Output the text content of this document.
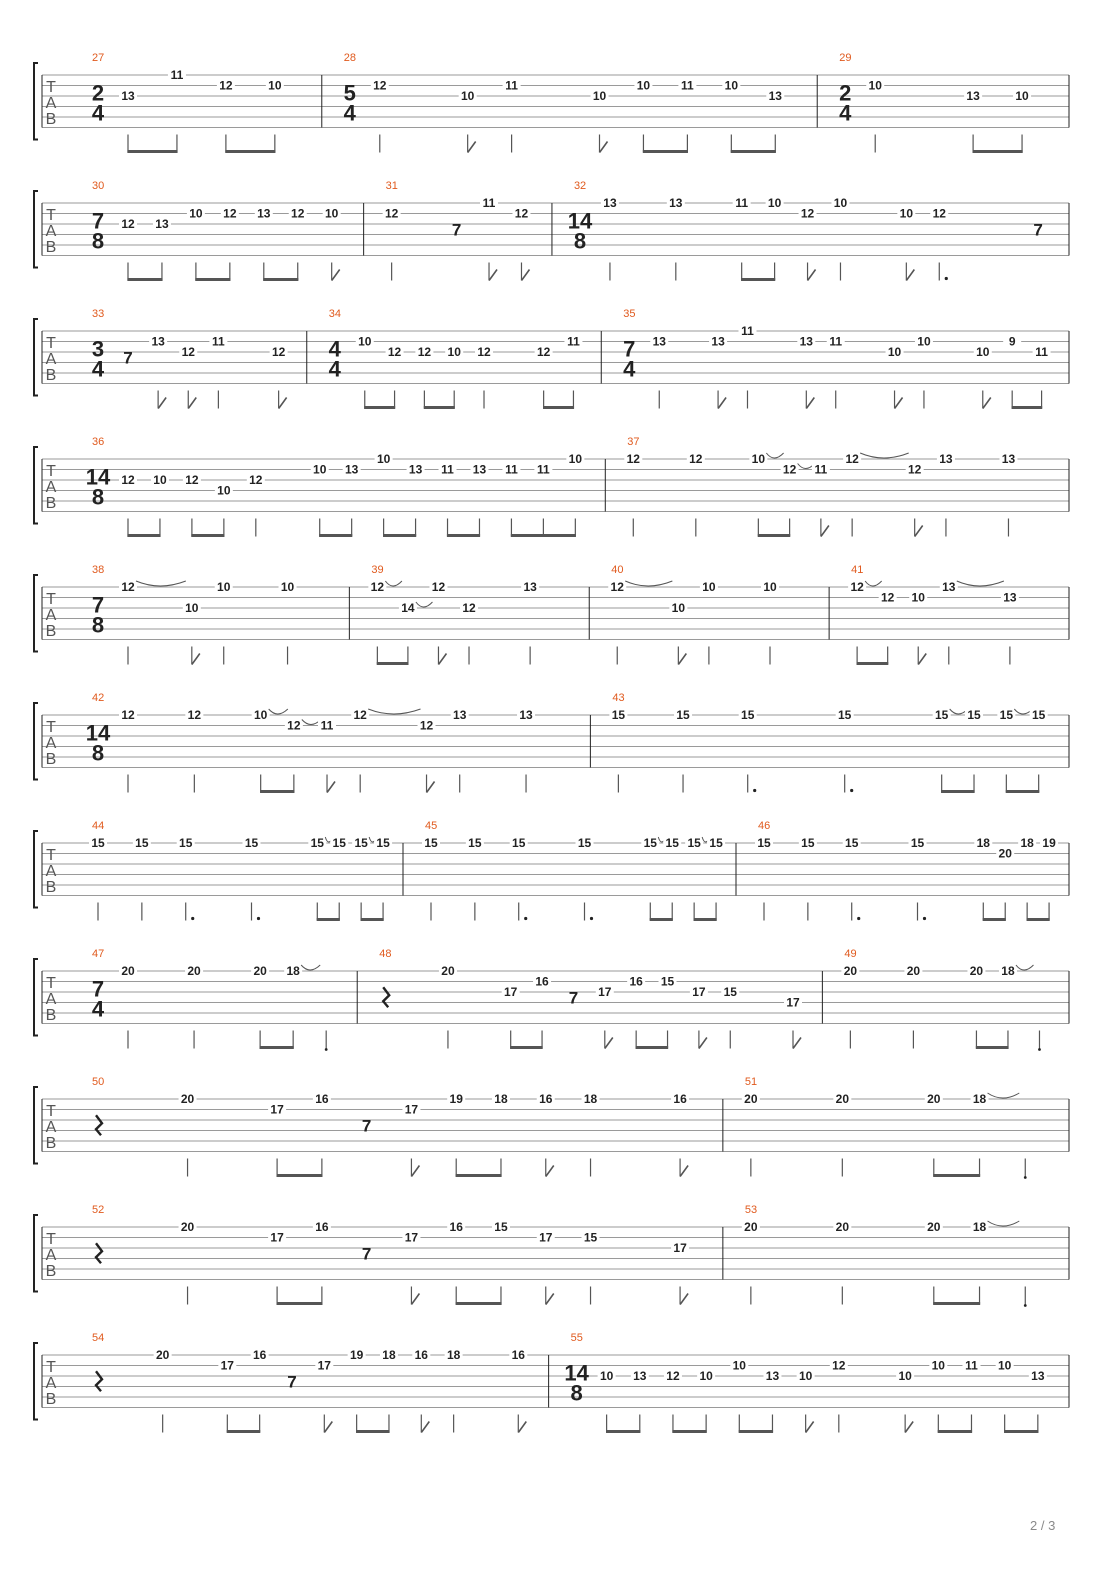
T
A
B
27
2
4
13
11
12	10
28
5
4
12
10
11
10
10	11	10
13
29
2
4
10
13	10
T
A
B
30
7
8
12 13
10 12 13 12 10
31
12
7
11
12
32
14
8
13	13	11 10
12
10
10 12
7
T
A
B
33
3
4 7
13
12
11
12
34
4
4
10
12 12 10 12	12
11
35
7
4
13	13
11
13 11
10
10
10
9
11
T
A
B
36
14
8
12 10 12
10
12
10 13
10
13 11 13 11 11
10
37
12	12	10
12 11
12
12
13	13
T
A
B
38
7
8
12
10
10	10
39
12
14
12
12
13
40
12
10
10	10
41
12
12 10
13
13
T
A
B
42
14
8
12	12	10
12 11
12
12
13	13
43
15	15	15	15	15 15 15 15
T
A
B
44
15	15	15	15	15 15 15 15
45
15	15	15	15	15 15 15 15
46
15	15	15	15	18
20
18 19
T
A
B
47
7
4
20	20	20 18
48
20
17
16
7 17
16 15
17 15
17
49
20	20	20 18
T
A
B
50
20
17
16
7
17
19	18	16	18	16
51
20	20	20	18
T
A
B
52
20
17
16
7
17
16	15
17	15
17
53
20	20	20	18
T
A
B
54
20
17
16
7
17
19 18 16 18	16
55
14
8
10 13 12 10
10
13 10
12
10
10 11 10
13
2 / 3
